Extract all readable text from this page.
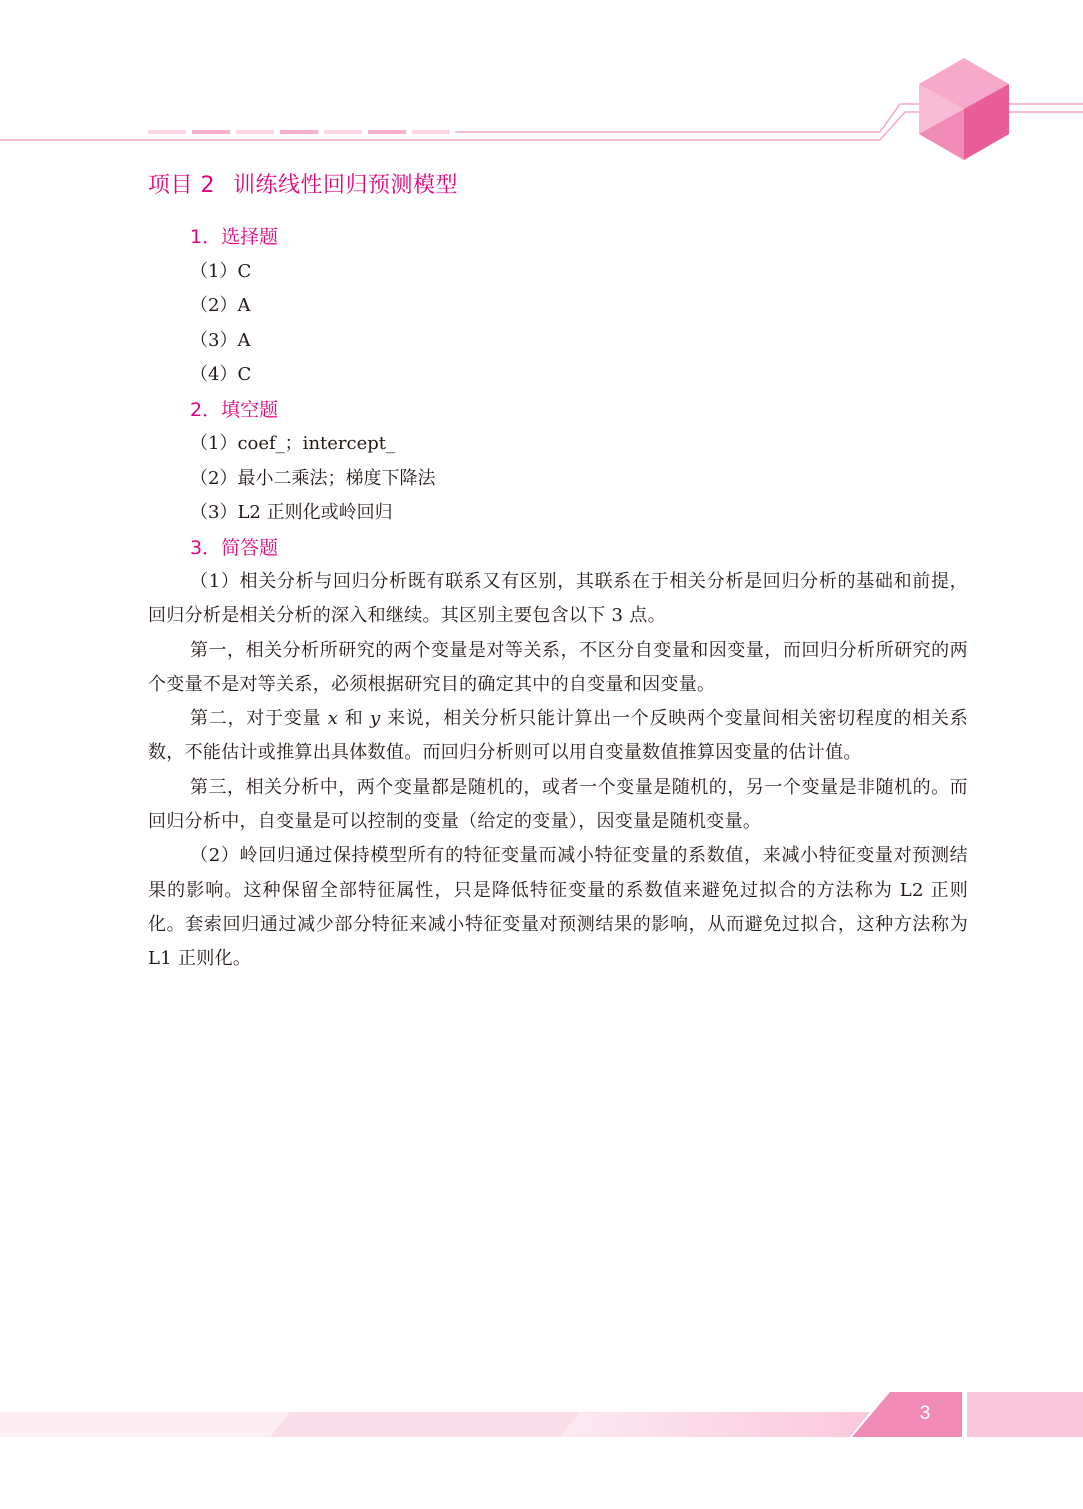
项目 2 训练线性回归预测模型
1．选择题
（1）C
（2）A
（3）A
（4）C
2．填空题
（1）coef_；intercept_
（2）最小二乘法；梯度下降法
（3）L2 正则化或岭回归
3．简答题

（1）相关分析与回归分析既有联系又有区别，其联系在于相关分析是回归分析的基础和前提，回归分析是相关分析的深入和继续。其区别主要包含以下 3 点。

第一，相关分析所研究的两个变量是对等关系，不区分自变量和因变量，而回归分析所研究的两个变量不是对等关系，必须根据研究目的确定其中的自变量和因变量。

第二，对于变量 x 和 y 来说，相关分析只能计算出一个反映两个变量间相关密切程度的相关系数，不能估计或推算出具体数值。而回归分析则可以用自变量数值推算因变量的估计值。

第三，相关分析中，两个变量都是随机的，或者一个变量是随机的，另一个变量是非随机的。而回归分析中，自变量是可以控制的变量（给定的变量），因变量是随机变量。

（2）岭回归通过保持模型所有的特征变量而减小特征变量的系数值，来减小特征变量对预测结果的影响。这种保留全部特征属性，只是降低特征变量的系数值来避免过拟合的方法称为 L2 正则化。套索回归通过减少部分特征来减小特征变量对预测结果的影响，从而避免过拟合，这种方法称为 L1 正则化。

3
